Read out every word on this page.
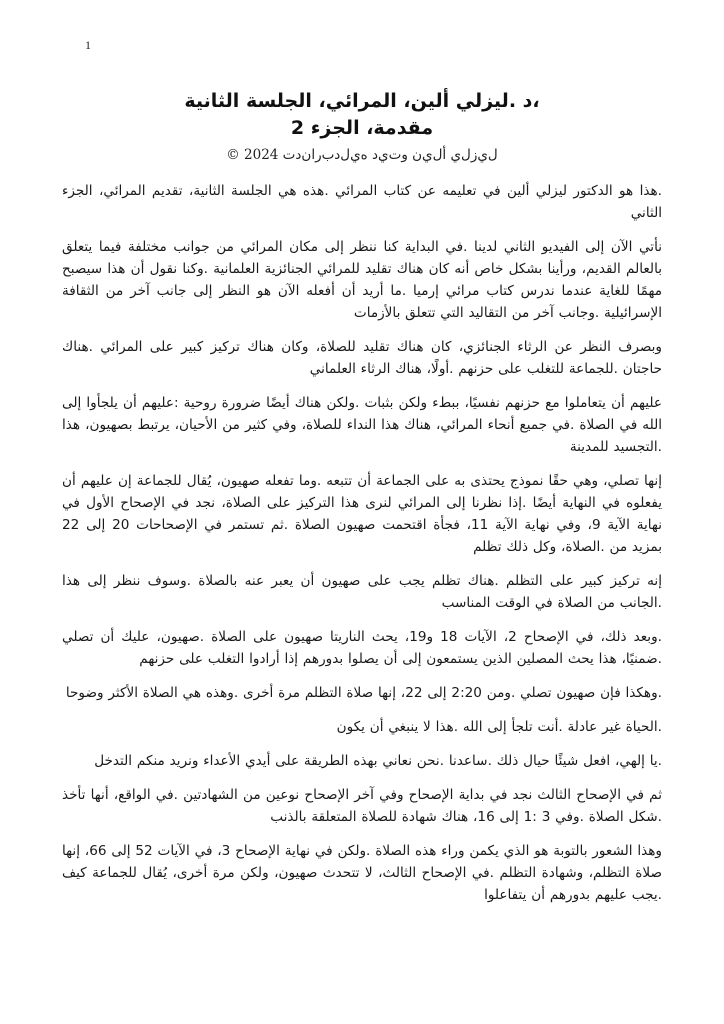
1
،د .ليزلي ألين، المرائي، الجلسة الثانية
مقدمة، الجزء 2
ل‌ي‌ز‌ل‌ي أ‌ل‌ي‌ن و‌ت‌ي‌د ه‌ي‌ل‌د‌ب‌ر‌ا‌ن‌د‌ت 2024 ©

.هذا هو الدكتور ليزلي ألين في تعليمه عن كتاب المرائي .هذه هي الجلسة الثانية، تقديم المرائي، الجزء الثاني

نأتي الآن إلى الفيديو الثاني لدينا .في البداية كنا ننظر إلى مكان المرائي من جوانب مختلفة فيما يتعلق بالعالم القديم، ورأينا بشكل خاص أنه كان هناك تقليد للمرائي الجنائزية العلمانية .وكنا نقول أن هذا سيصبح مهمًا للغاية عندما ندرس كتاب مرائي إرميا .ما أريد أن أفعله الآن هو النظر إلى جانب آخر من الثقافة الإسرائيلية .وجانب آخر من التقاليد التي تتعلق بالأزمات

وبصرف النظر عن الرثاء الجنائزي، كان هناك تقليد للصلاة، وكان هناك تركيز كبير على المرائي .هناك حاجتان .للجماعة للتغلب على حزنهم .أولًا، هناك الرثاء العلماني

عليهم أن يتعاملوا مع حزنهم نفسيًا، ببطء ولكن بثبات .ولكن هناك أيضًا ضرورة روحية :عليهم أن يلجأوا إلى الله في الصلاة .في جميع أنحاء المرائي، هناك هذا النداء للصلاة، وفي كثير من الأحيان، يرتبط بصهيون، هذا .التجسيد للمدينة

إنها تصلي، وهي حقًا نموذج يحتذى به على الجماعة أن تتبعه .وما تفعله صهيون، يُقال للجماعة إن عليهم أن يفعلوه في النهاية أيضًا .إذا نظرنا إلى المرائي لنرى هذا التركيز على الصلاة، نجد في الإصحاح الأول في نهاية الآية 9، وفي نهاية الآية 11، فجأة اقتحمت صهيون الصلاة .ثم تستمر في الإصحاحات 20 إلى 22 بمزيد من .الصلاة، وكل ذلك تظلم

إنه تركيز كبير على التظلم .هناك تظلم يجب على صهيون أن يعبر عنه بالصلاة .وسوف ننظر إلى هذا .الجانب من الصلاة في الوقت المناسب

.وبعد ذلك، في الإصحاح 2، الآيات 18 و19، يحث الناريتا صهيون على الصلاة .صهيون، عليك أن تصلي .ضمنيًا، هذا يحث المصلين الذين يستمعون إلى أن يصلوا بدورهم إذا أرادوا التغلب على حزنهم

.وهكذا فإن صهيون تصلي .ومن 2:20 إلى 22، إنها صلاة التظلم مرة أخرى .وهذه هي الصلاة الأكثر وضوحا

.الحياة غير عادلة .أنت تلجأ إلى الله .هذا لا ينبغي أن يكون

.يا إلهي، افعل شيئًا حيال ذلك .ساعدنا .نحن نعاني بهذه الطريقة على أيدي الأعداء ونريد منكم التدخل

ثم في الإصحاح الثالث نجد في بداية الإصحاح وفي آخر الإصحاح نوعين من الشهادتين .في الواقع، أنها تأخذ .شكل الصلاة .وفي 3 :1 إلى 16، هناك شهادة للصلاة المتعلقة بالذنب

وهذا الشعور بالتوبة هو الذي يكمن وراء هذه الصلاة .ولكن في نهاية الإصحاح 3، في الآيات 52 إلى 66، إنها صلاة التظلم، وشهادة التظلم .في الإصحاح الثالث، لا تتحدث صهيون، ولكن مرة أخرى، يُقال للجماعة كيف .يجب عليهم بدورهم أن يتفاعلوا
